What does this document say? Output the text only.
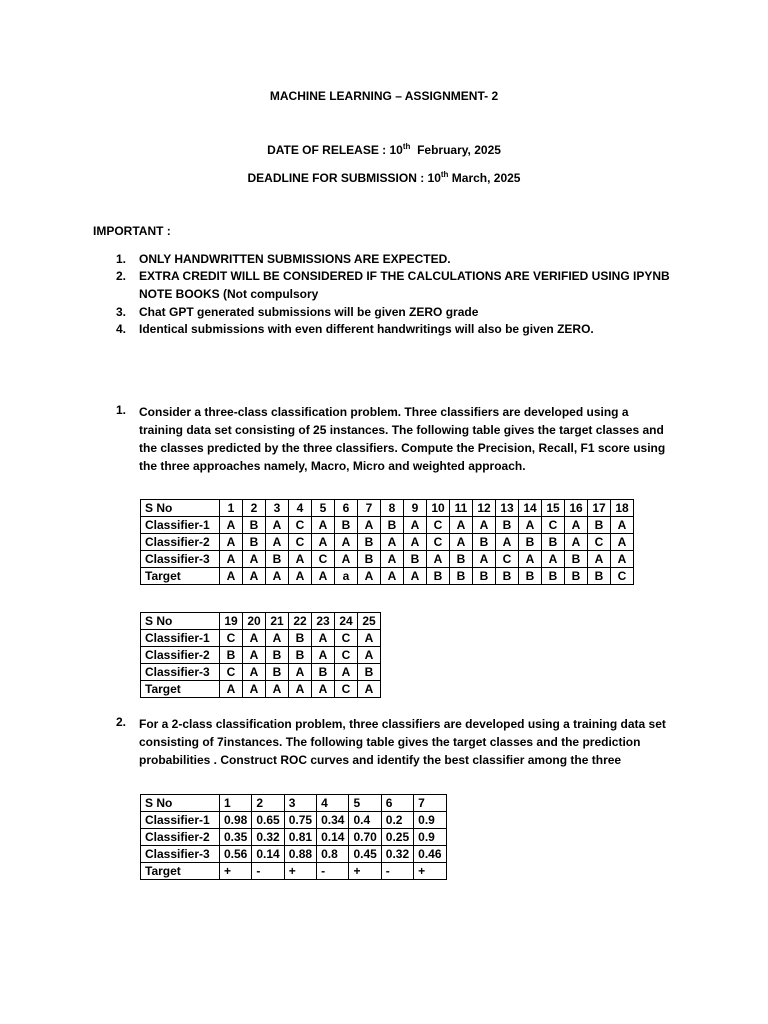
MACHINE LEARNING – ASSIGNMENT- 2
DATE OF RELEASE : 10th  February, 2025
DEADLINE FOR SUBMISSION : 10th March, 2025
IMPORTANT :
1.	ONLY HANDWRITTEN SUBMISSIONS ARE EXPECTED.
2.	EXTRA CREDIT WILL BE CONSIDERED IF THE CALCULATIONS ARE VERIFIED USING IPYNB
NOTE BOOKS (Not compulsory
3.	Chat GPT generated submissions will be given ZERO grade
4.	Identical submissions with even different handwritings will also be given ZERO.
1.	Consider a three-class classification problem. Three classifiers are developed using a
training data set consisting of 25 instances. The following table gives the target classes and
the classes predicted by the three classifiers. Compute the Precision, Recall, F1 score using
the three approaches namely, Macro, Micro and weighted approach.
S No	1	2	3	4	5	6	7	8	9	10	11	12	13	14	15	16	17	18
Classifier-1	A	B	A	C	A	B	A	B	A	C	A	A	B	A	C	A	B	A
Classifier-2	A	B	A	C	A	A	B	A	A	C	A	B	A	B	B	A	C	A
Classifier-3	A	A	B	A	C	A	B	A	B	A	B	A	C	A	A	B	A	A
Target	A	A	A	A	A	a	A	A	A	B	B	B	B	B	B	B	B	C
S No	19	20	21	22	23	24	25
Classifier-1	C	A	A	B	A	C	A
Classifier-2	B	A	B	B	A	C	A
Classifier-3	C	A	B	A	B	A	B
Target	A	A	A	A	A	C	A
2.	For a 2-class classification problem, three classifiers are developed using a training data set
consisting of 7instances. The following table gives the target classes and the prediction
probabilities . Construct ROC curves and identify the best classifier among the three
S No	1	2	3	4	5	6	7
Classifier-1	0.98	0.65	0.75	0.34	0.4	0.2	0.9
Classifier-2	0.35	0.32	0.81	0.14	0.70	0.25	0.9
Classifier-3	0.56	0.14	0.88	0.8	0.45	0.32	0.46
Target	+	-	+	-	+	-	+
